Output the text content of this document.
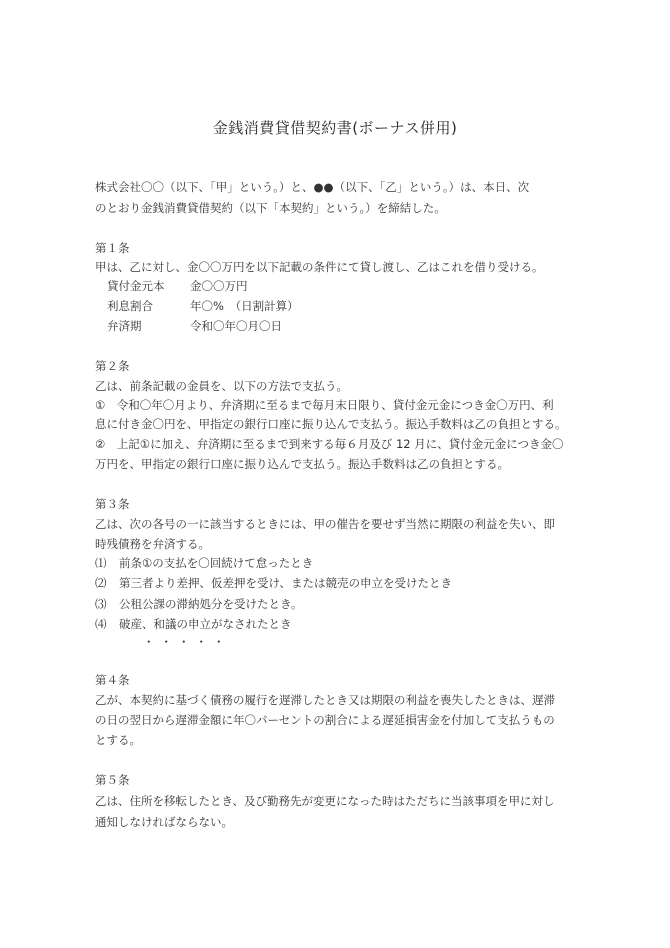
金銭消費貸借契約書(ボーナス併用)
株式会社〇〇（以下、「甲」という。）と、●●（以下、「乙」という。）は、本日、次
のとおり金銭消費貸借契約（以下「本契約」という。）を締結した。
第１条
甲は、乙に対し、金〇〇万円を以下記載の条件にて貸し渡し、乙はこれを借り受ける。
貸付金元本 金〇〇万円
利息割合	年〇%　（日割計算）
弁済期	令和〇年〇月〇日
第２条
乙は、前条記載の金員を、以下の方法で支払う。
①　令和〇年〇月より、弁済期に至るまで毎月末日限り、貸付金元金につき金〇万円、利
息に付き金〇円を、甲指定の銀行口座に振り込んで支払う。振込手数料は乙の負担とする。
②　上記①に加え、弁済期に至るまで到来する毎６月及び 12 月に、貸付金元金につき金〇
万円を、甲指定の銀行口座に振り込んで支払う。振込手数料は乙の負担とする。
第３条
乙は、次の各号の一に該当するときには、甲の催告を要せず当然に期限の利益を失い、即
時残債務を弁済する。
⑴ 前条①の支払を〇回続けて怠ったとき
⑵ 第三者より差押、仮差押を受け、または競売の申立を受けたとき
⑶ 公租公課の滞納処分を受けたとき。
⑷ 破産、和議の申立がなされたとき
・・・・・
第４条
乙が、本契約に基づく債務の履行を遅滞したとき又は期限の利益を喪失したときは、遅滞
の日の翌日から遅滞金額に年〇パーセントの割合による遅延損害金を付加して支払うもの
とする。
第５条
乙は、住所を移転したとき、及び勤務先が変更になった時はただちに当該事項を甲に対し
通知しなければならない。
